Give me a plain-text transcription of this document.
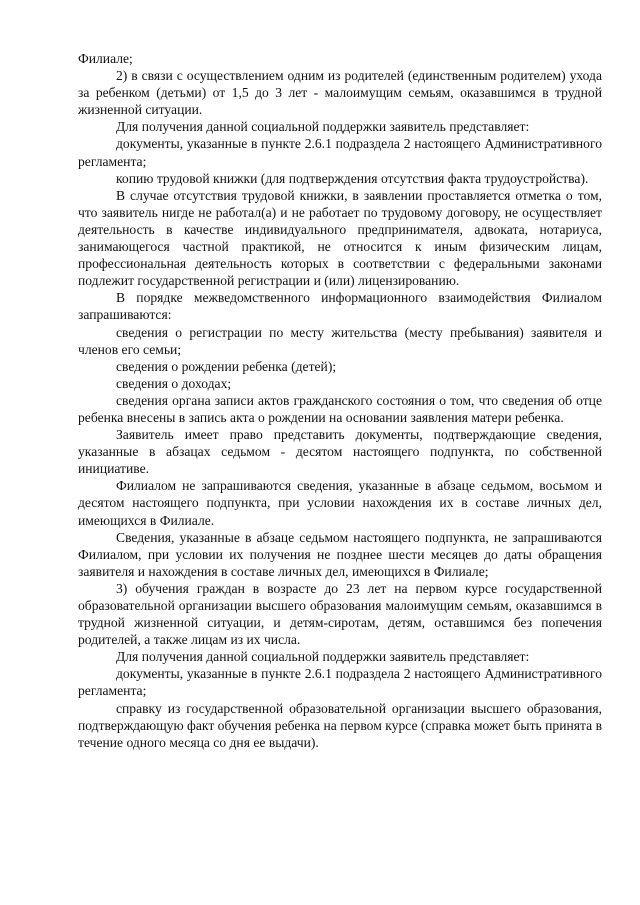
Филиале;

2) в связи с осуществлением одним из родителей (единственным родителем) ухода за ребенком (детьми) от 1,5 до 3 лет - малоимущим семьям, оказавшимся в трудной жизненной ситуации.

Для получения данной социальной поддержки заявитель представляет:

документы, указанные в пункте 2.6.1 подраздела 2 настоящего Административного регламента;

копию трудовой книжки (для подтверждения отсутствия факта трудоустройства).

В случае отсутствия трудовой книжки, в заявлении проставляется отметка о том, что заявитель нигде не работал(а) и не работает по трудовому договору, не осуществляет деятельность в качестве индивидуального предпринимателя, адвоката, нотариуса, занимающегося частной практикой, не относится к иным физическим лицам, профессиональная деятельность которых в соответствии с федеральными законами подлежит государственной регистрации и (или) лицензированию.

В порядке межведомственного информационного взаимодействия Филиалом запрашиваются:

сведения о регистрации по месту жительства (месту пребывания) заявителя и членов его семьи;

сведения о рождении ребенка (детей);

сведения о доходах;

сведения органа записи актов гражданского состояния о том, что сведения об отце ребенка внесены в запись акта о рождении на основании заявления матери ребенка.

Заявитель имеет право представить документы, подтверждающие сведения, указанные в абзацах седьмом - десятом настоящего подпункта, по собственной инициативе.

Филиалом не запрашиваются сведения, указанные в абзаце седьмом, восьмом и десятом настоящего подпункта, при условии нахождения их в составе личных дел, имеющихся в Филиале.

Сведения, указанные в абзаце седьмом настоящего подпункта, не запрашиваются Филиалом, при условии их получения не позднее шести месяцев до даты обращения заявителя и нахождения в составе личных дел, имеющихся в Филиале;

3) обучения граждан в возрасте до 23 лет на первом курсе государственной образовательной организации высшего образования малоимущим семьям, оказавшимся в трудной жизненной ситуации, и детям-сиротам, детям, оставшимся без попечения родителей, а также лицам из их числа.

Для получения данной социальной поддержки заявитель представляет:

документы, указанные в пункте 2.6.1 подраздела 2 настоящего Административного регламента;

справку из государственной образовательной организации высшего образования, подтверждающую факт обучения ребенка на первом курсе (справка может быть принята в течение одного месяца со дня ее выдачи).
